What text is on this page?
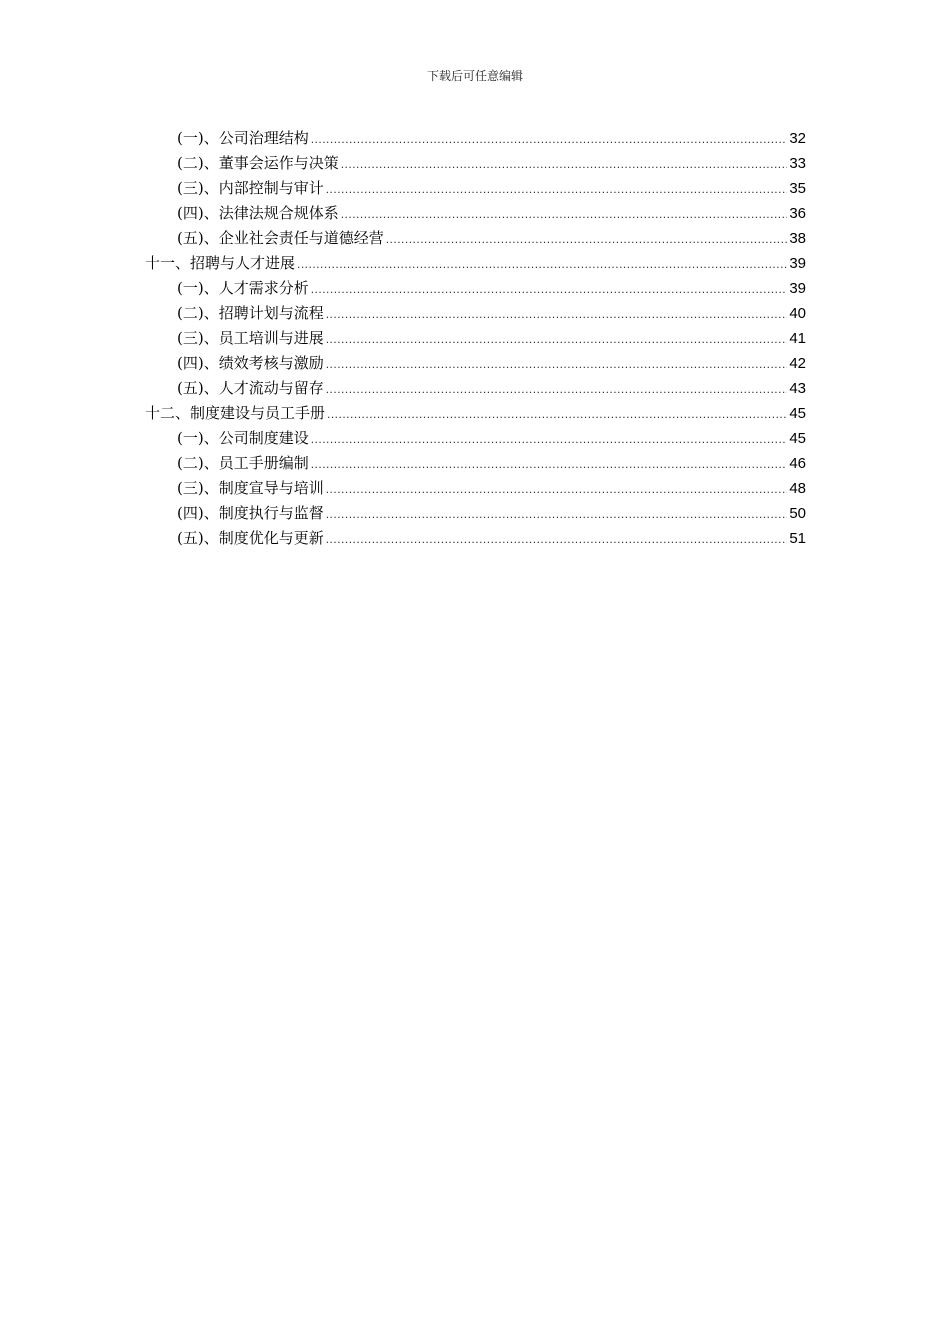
下载后可任意编辑
(一)、公司治理结构 .....	32
(二)、董事会运作与决策 .....	33
(三)、内部控制与审计 .....	35
(四)、法律法规合规体系 .....	36
(五)、企业社会责任与道德经营 .....	38
十一、招聘与人才进展 .....	39
(一)、人才需求分析 .....	39
(二)、招聘计划与流程 .....	40
(三)、员工培训与进展 .....	41
(四)、绩效考核与激励 .....	42
(五)、人才流动与留存 .....	43
十二、制度建设与员工手册 .....	45
(一)、公司制度建设 .....	45
(二)、员工手册编制 .....	46
(三)、制度宣导与培训 .....	48
(四)、制度执行与监督 .....	50
(五)、制度优化与更新 .....	51
